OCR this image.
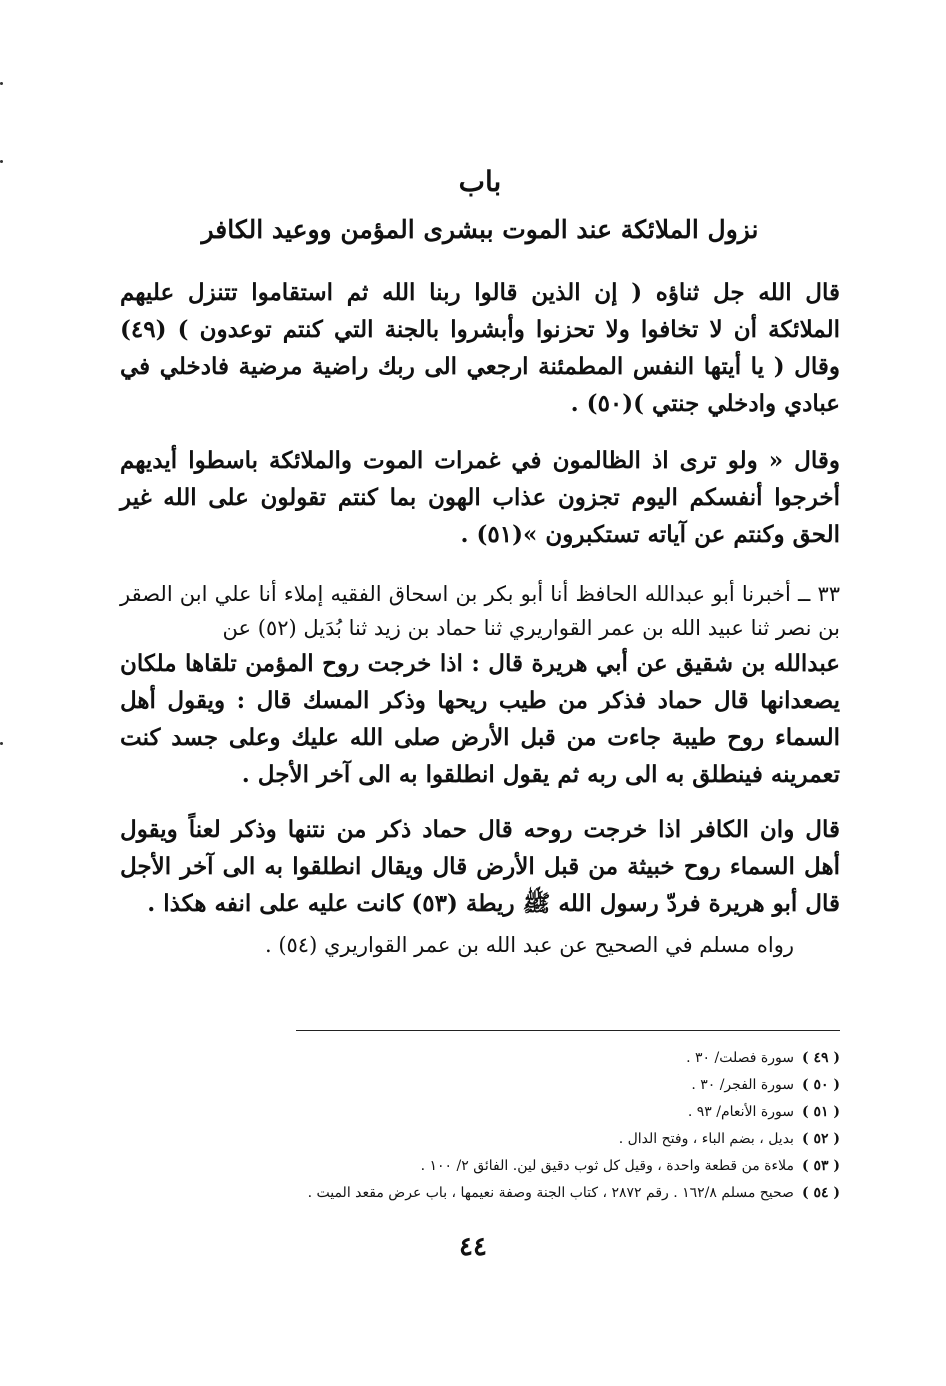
باب
نزول الملائكة عند الموت ببشرى المؤمن ووعيد الكافر

قال الله جل ثناؤه ( إن الذين قالوا ربنا الله ثم استقاموا تتنزل عليهم الملائكة أن لا تخافوا ولا تحزنوا وأبشروا بالجنة التي كنتم توعدون ) (٤٩) وقال ( يا أيتها النفس المطمئنة ارجعي الى ربك راضية مرضية فادخلي في عبادي وادخلي جنتي )(٥٠) .

وقال « ولو ترى اذ الظالمون في غمرات الموت والملائكة باسطوا أيديهم أخرجوا أنفسكم اليوم تجزون عذاب الهون بما كنتم تقولون على الله غير الحق وكنتم عن آياته تستكبرون »(٥١) .

٣٣ ــ أخبرنا أبو عبدالله الحافظ أنا أبو بكر بن اسحاق الفقيه إملاء أنا علي ابن الصقر بن نصر ثنا عبيد الله بن عمر القواريري ثنا حماد بن زيد ثنا بُدَيل (٥٢) عن

عبدالله بن شقيق عن أبي هريرة قال : اذا خرجت روح المؤمن تلقاها ملكان يصعدانها قال حماد فذكر من طيب ريحها وذكر المسك قال : ويقول أهل السماء روح طيبة جاءت من قبل الأرض صلى الله عليك وعلى جسد كنت تعمرينه فينطلق به الى ربه ثم يقول انطلقوا به الى آخر الأجل .

قال وان الكافر اذا خرجت روحه قال حماد ذكر من نتنها وذكر لعناً ويقول أهل السماء روح خبيثة من قبل الأرض قال ويقال انطلقوا به الى آخر الأجل قال أبو هريرة فردّ رسول الله ﷺ ريطة (٥٣) كانت عليه على انفه هكذا .

رواه مسلم في الصحيح عن عبد الله بن عمر القواريري (٥٤) .

( ٤٩ )سورة فصلت/ ٣٠ .

( ٥٠ )سورة الفجر/ ٣٠ .

( ٥١ )سورة الأنعام/ ٩٣ .

( ٥٢ )بديل ، بضم الباء ، وفتح الدال .

( ٥٣ )ملاءة من قطعة واحدة ، وقيل كل ثوب دقيق لين. الفائق ٢/ ١٠٠ .

( ٥٤ )صحيح مسلم ١٦٢/٨ . رقم ٢٨٧٢ ، كتاب الجنة وصفة نعيمها ، باب عرض مقعد الميت .

٤٤
